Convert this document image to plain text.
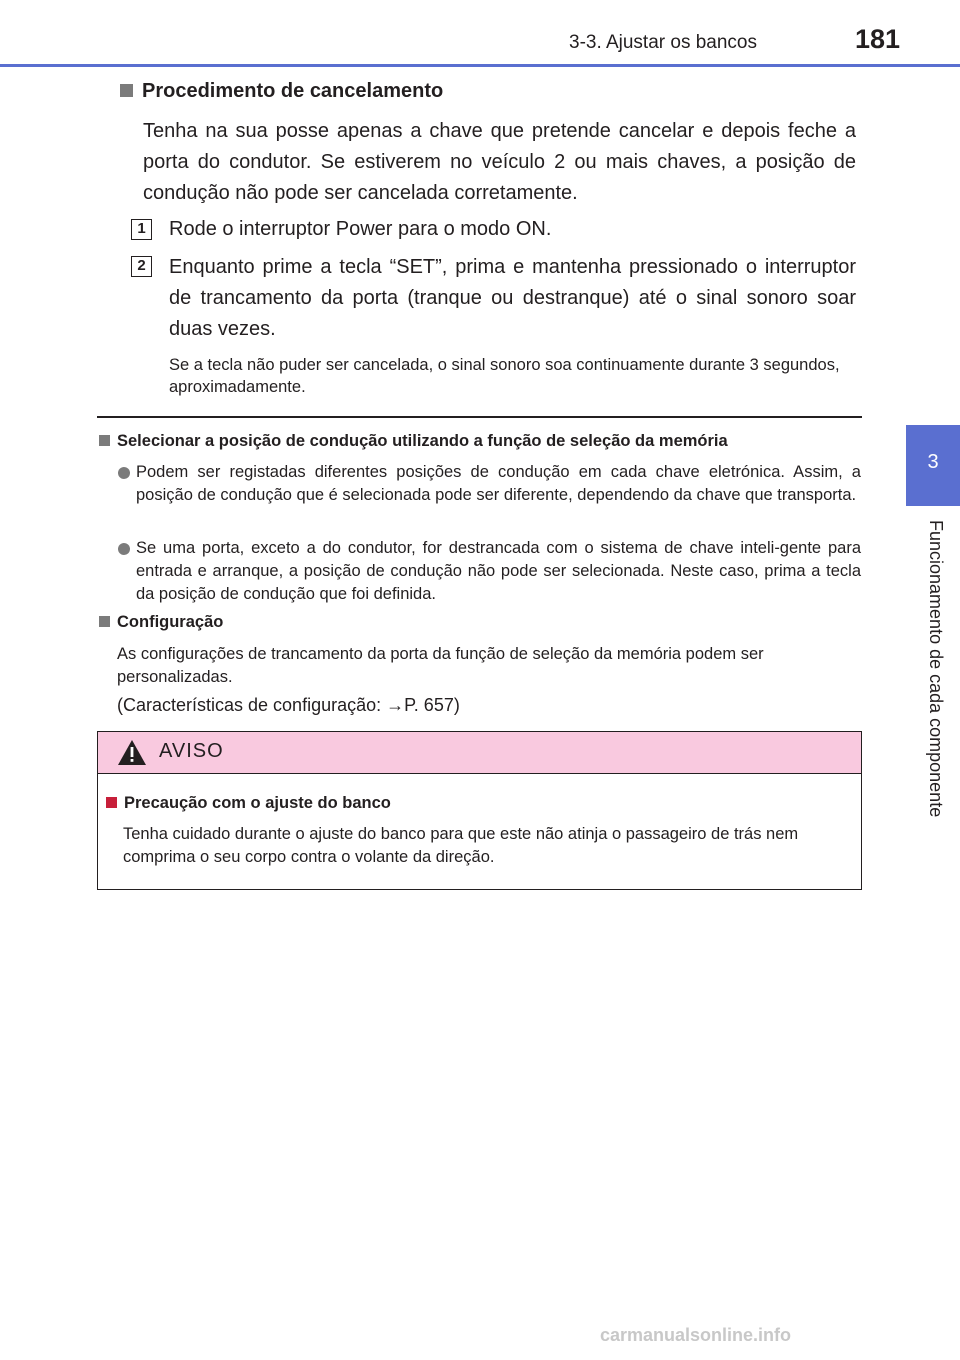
3-3. Ajustar os bancos	181
3
Funcionamento de cada componente
Procedimento de cancelamento
Tenha na sua posse apenas a chave que pretende cancelar e depois feche a porta do condutor. Se estiverem no veículo 2 ou mais chaves, a posição de condução não pode ser cancelada corretamente.
1	Rode o interruptor Power para o modo ON.
2	Enquanto prime a tecla “SET”, prima e mantenha pressionado o interruptor de trancamento da porta (tranque ou destranque) até o sinal sonoro soar duas vezes.
Se a tecla não puder ser cancelada, o sinal sonoro soa continuamente durante 3 segundos, aproximadamente.
Selecionar a posição de condução utilizando a função de seleção da memória
Podem ser registadas diferentes posições de condução em cada chave eletrónica. Assim, a posição de condução que é selecionada pode ser diferente, dependendo da chave que transporta.
Se uma porta, exceto a do condutor, for destrancada com o sistema de chave inteli-gente para entrada e arranque, a posição de condução não pode ser selecionada. Neste caso, prima a tecla da posição de condução que foi definida.
Configuração
As configurações de trancamento da porta da função de seleção da memória podem ser personalizadas.
(Características de configuração: →P. 657)
AVISO
Precaução com o ajuste do banco
Tenha cuidado durante o ajuste do banco para que este não atinja o passageiro de trás nem comprima o seu corpo contra o volante da direção.
carmanualsonline.info
